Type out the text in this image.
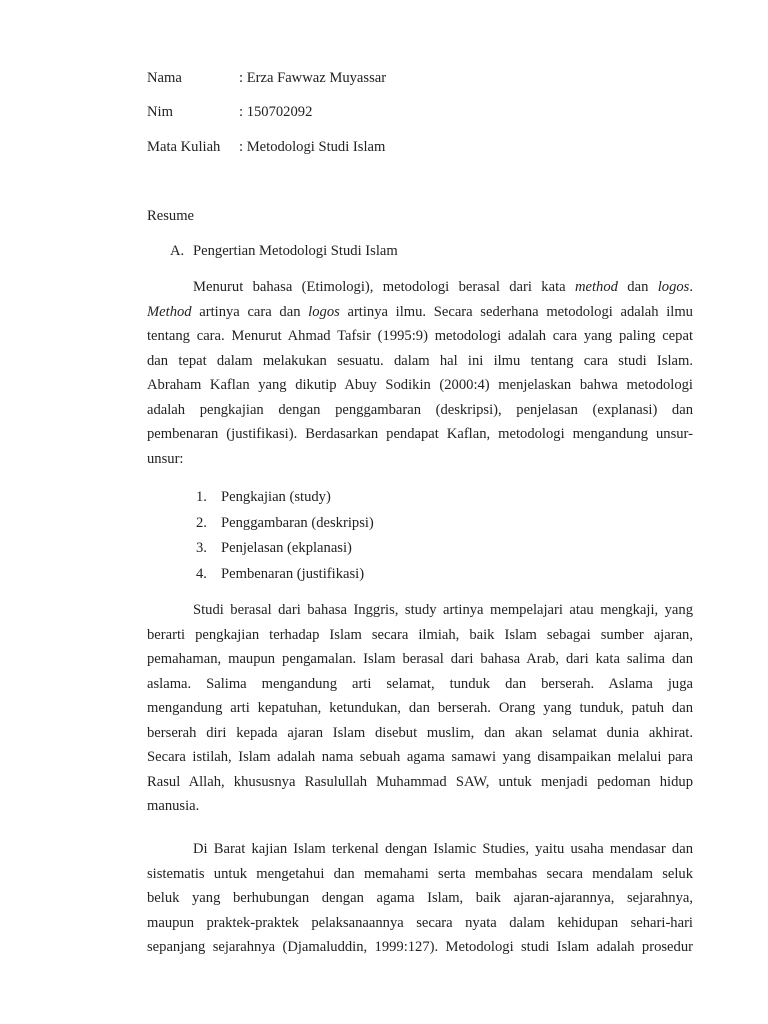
Nama	: Erza Fawwaz Muyassar
Nim	: 150702092
Mata Kuliah : Metodologi Studi Islam
Resume
A. Pengertian Metodologi Studi Islam
Menurut bahasa (Etimologi), metodologi berasal dari kata method dan logos.
Method artinya cara dan logos artinya ilmu. Secara sederhana metodologi adalah ilmu
tentang cara. Menurut Ahmad Tafsir (1995:9) metodologi adalah cara yang paling cepat
dan tepat dalam melakukan sesuatu. dalam hal ini ilmu tentang cara studi Islam.
Abraham Kaflan yang dikutip Abuy Sodikin (2000:4) menjelaskan bahwa metodologi
adalah pengkajian dengan penggambaran (deskripsi), penjelasan (explanasi) dan
pembenaran (justifikasi). Berdasarkan pendapat Kaflan, metodologi mengandung unsur-
unsur:
1. Pengkajian (study)
2. Penggambaran (deskripsi)
3. Penjelasan (ekplanasi)
4. Pembenaran (justifikasi)
Studi berasal dari bahasa Inggris, study artinya mempelajari atau mengkaji, yang
berarti pengkajian terhadap Islam secara ilmiah, baik Islam sebagai sumber ajaran,
pemahaman, maupun pengamalan. Islam berasal dari bahasa Arab, dari kata salima dan
aslama. Salima mengandung arti selamat, tunduk dan berserah. Aslama juga
mengandung arti kepatuhan, ketundukan, dan berserah. Orang yang tunduk, patuh dan
berserah diri kepada ajaran Islam disebut muslim, dan akan selamat dunia akhirat.
Secara istilah, Islam adalah nama sebuah agama samawi yang disampaikan melalui para
Rasul Allah, khususnya Rasulullah Muhammad SAW, untuk menjadi pedoman hidup
manusia.
Di Barat kajian Islam terkenal dengan Islamic Studies, yaitu usaha mendasar dan
sistematis untuk mengetahui dan memahami serta membahas secara mendalam seluk
beluk yang berhubungan dengan agama Islam, baik ajaran-ajarannya, sejarahnya,
maupun praktek-praktek pelaksanaannya secara nyata dalam kehidupan sehari-hari
sepanjang sejarahnya (Djamaluddin, 1999:127). Metodologi studi Islam adalah prosedur
